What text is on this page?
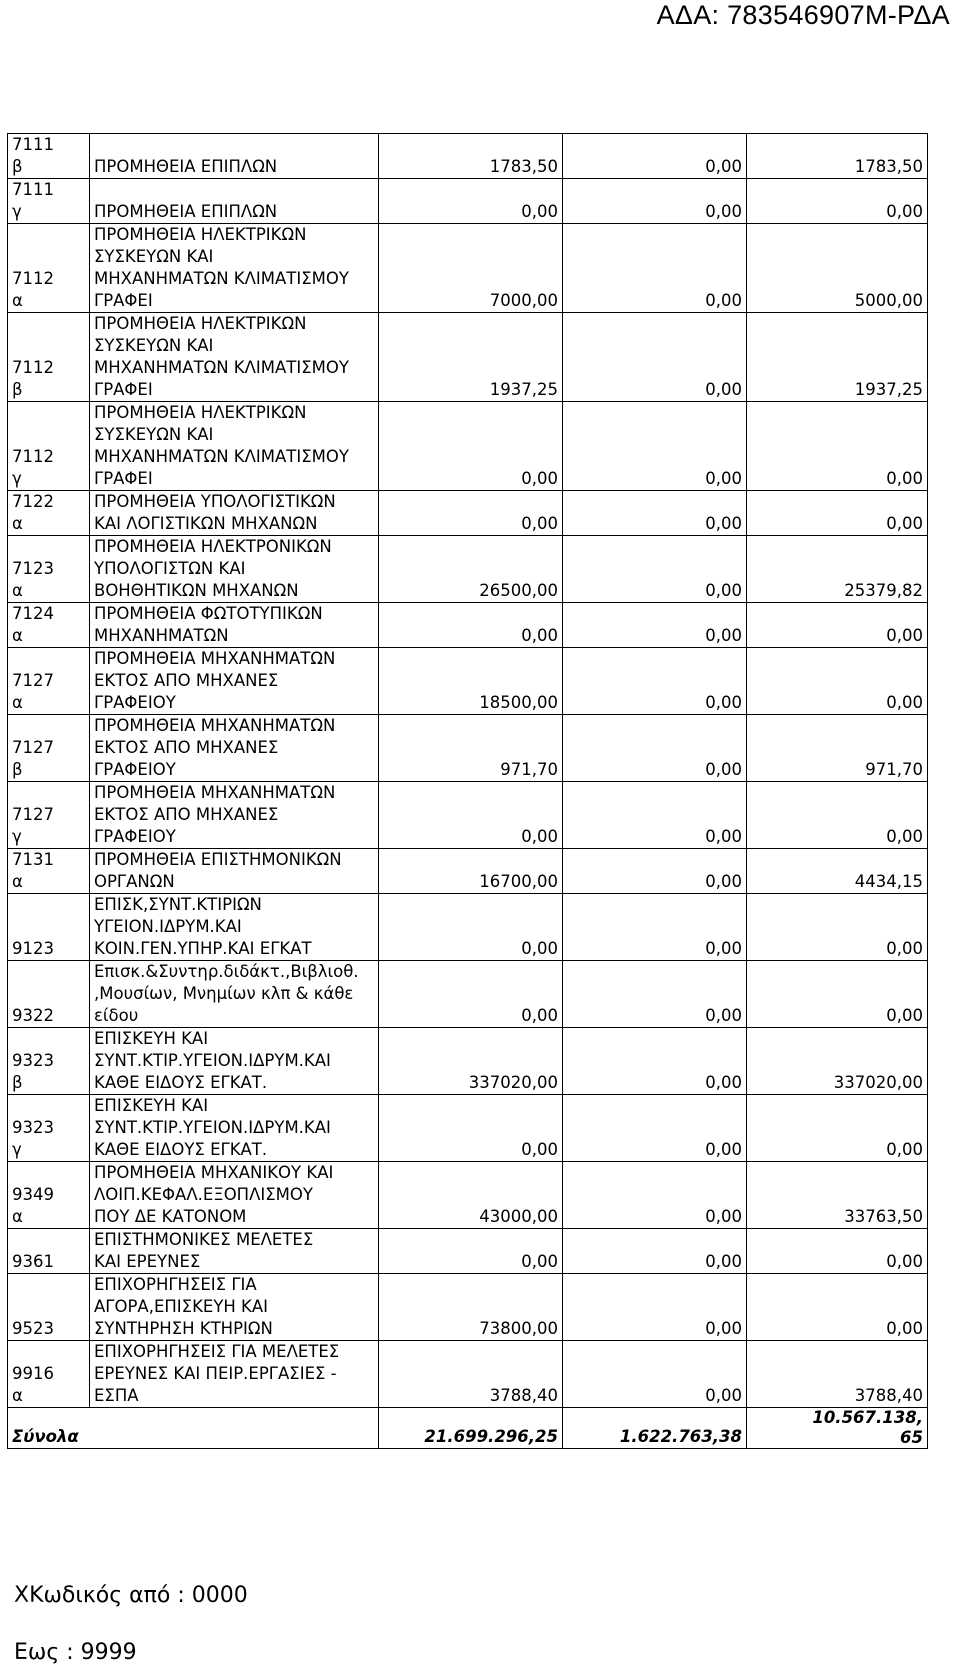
ΑΔΑ: 783546907Μ-ΡΔΑ
7111
β	ΠΡΟΜΗΘΕΙΑ ΕΠΙΠΛΩΝ	1783,50	0,00	1783,50
7111
γ	ΠΡΟΜΗΘΕΙΑ ΕΠΙΠΛΩΝ	0,00	0,00	0,00
7112
α	ΠΡΟΜΗΘΕΙΑ ΗΛΕΚΤΡΙΚΩΝ
ΣΥΣΚΕΥΩΝ ΚΑΙ
ΜΗΧΑΝΗΜΑΤΩΝ ΚΛΙΜΑΤΙΣΜΟΥ
ΓΡΑΦΕΙ	7000,00	0,00	5000,00
7112
β	ΠΡΟΜΗΘΕΙΑ ΗΛΕΚΤΡΙΚΩΝ
ΣΥΣΚΕΥΩΝ ΚΑΙ
ΜΗΧΑΝΗΜΑΤΩΝ ΚΛΙΜΑΤΙΣΜΟΥ
ΓΡΑΦΕΙ	1937,25	0,00	1937,25
7112
γ	ΠΡΟΜΗΘΕΙΑ ΗΛΕΚΤΡΙΚΩΝ
ΣΥΣΚΕΥΩΝ ΚΑΙ
ΜΗΧΑΝΗΜΑΤΩΝ ΚΛΙΜΑΤΙΣΜΟΥ
ΓΡΑΦΕΙ	0,00	0,00	0,00
7122
α	ΠΡΟΜΗΘΕΙΑ ΥΠΟΛΟΓΙΣΤΙΚΩΝ
ΚΑΙ ΛΟΓΙΣΤΙΚΩΝ ΜΗΧΑΝΩΝ	0,00	0,00	0,00
7123
α	ΠΡΟΜΗΘΕΙΑ ΗΛΕΚΤΡΟΝΙΚΩΝ
ΥΠΟΛΟΓΙΣΤΩΝ ΚΑΙ
ΒΟΗΘΗΤΙΚΩΝ ΜΗΧΑΝΩΝ	26500,00	0,00	25379,82
7124
α	ΠΡΟΜΗΘΕΙΑ ΦΩΤΟΤΥΠΙΚΩΝ
ΜΗΧΑΝΗΜΑΤΩΝ	0,00	0,00	0,00
7127
α	ΠΡΟΜΗΘΕΙΑ ΜΗΧΑΝΗΜΑΤΩΝ
ΕΚΤΟΣ ΑΠΟ ΜΗΧΑΝΕΣ
ΓΡΑΦΕΙΟΥ	18500,00	0,00	0,00
7127
β	ΠΡΟΜΗΘΕΙΑ ΜΗΧΑΝΗΜΑΤΩΝ
ΕΚΤΟΣ ΑΠΟ ΜΗΧΑΝΕΣ
ΓΡΑΦΕΙΟΥ	971,70	0,00	971,70
7127
γ	ΠΡΟΜΗΘΕΙΑ ΜΗΧΑΝΗΜΑΤΩΝ
ΕΚΤΟΣ ΑΠΟ ΜΗΧΑΝΕΣ
ΓΡΑΦΕΙΟΥ	0,00	0,00	0,00
7131
α	ΠΡΟΜΗΘΕΙΑ ΕΠΙΣΤΗΜΟΝΙΚΩΝ
ΟΡΓΑΝΩΝ	16700,00	0,00	4434,15
9123	ΕΠΙΣΚ,ΣΥΝΤ.ΚΤΙΡΙΩΝ
ΥΓΕΙΟΝ.ΙΔΡΥΜ.ΚΑΙ
ΚΟΙΝ.ΓΕΝ.ΥΠΗΡ.ΚΑΙ ΕΓΚΑΤ	0,00	0,00	0,00
9322	Επισκ.&Συντηρ.διδάκτ.,Βιβλιοθ.
,Μουσίων, Μνημίων κλπ & κάθε
είδου	0,00	0,00	0,00
9323
β	ΕΠΙΣΚΕΥΗ ΚΑΙ
ΣΥΝΤ.ΚΤΙΡ.ΥΓΕΙΟΝ.ΙΔΡΥΜ.ΚΑΙ
ΚΑΘΕ ΕΙΔΟΥΣ ΕΓΚΑΤ.	337020,00	0,00	337020,00
9323
γ	ΕΠΙΣΚΕΥΗ ΚΑΙ
ΣΥΝΤ.ΚΤΙΡ.ΥΓΕΙΟΝ.ΙΔΡΥΜ.ΚΑΙ
ΚΑΘΕ ΕΙΔΟΥΣ ΕΓΚΑΤ.	0,00	0,00	0,00
9349
α	ΠΡΟΜΗΘΕΙΑ ΜΗΧΑΝΙΚΟΥ ΚΑΙ
ΛΟΙΠ.ΚΕΦΑΛ.ΕΞΟΠΛΙΣΜΟΥ
ΠΟΥ ΔΕ ΚΑΤΟΝΟΜ	43000,00	0,00	33763,50
9361	ΕΠΙΣΤΗΜΟΝΙΚΕΣ ΜΕΛΕΤΕΣ
ΚΑΙ ΕΡΕΥΝΕΣ	0,00	0,00	0,00
9523	ΕΠΙΧΟΡΗΓΗΣΕΙΣ ΓΙΑ
ΑΓΟΡΑ,ΕΠΙΣΚΕΥΗ ΚΑΙ
ΣΥΝΤΗΡΗΣΗ ΚΤΗΡΙΩΝ	73800,00	0,00	0,00
9916
α	ΕΠΙΧΟΡΗΓΗΣΕΙΣ ΓΙΑ ΜΕΛΕΤΕΣ
ΕΡΕΥΝΕΣ ΚΑΙ ΠΕΙΡ.ΕΡΓΑΣΙΕΣ -
ΕΣΠΑ	3788,40	0,00	3788,40
Σύνολα		21.699.296,25	1.622.763,38	10.567.138,
65
ΧΚωδικός από : 0000
Εως : 9999
